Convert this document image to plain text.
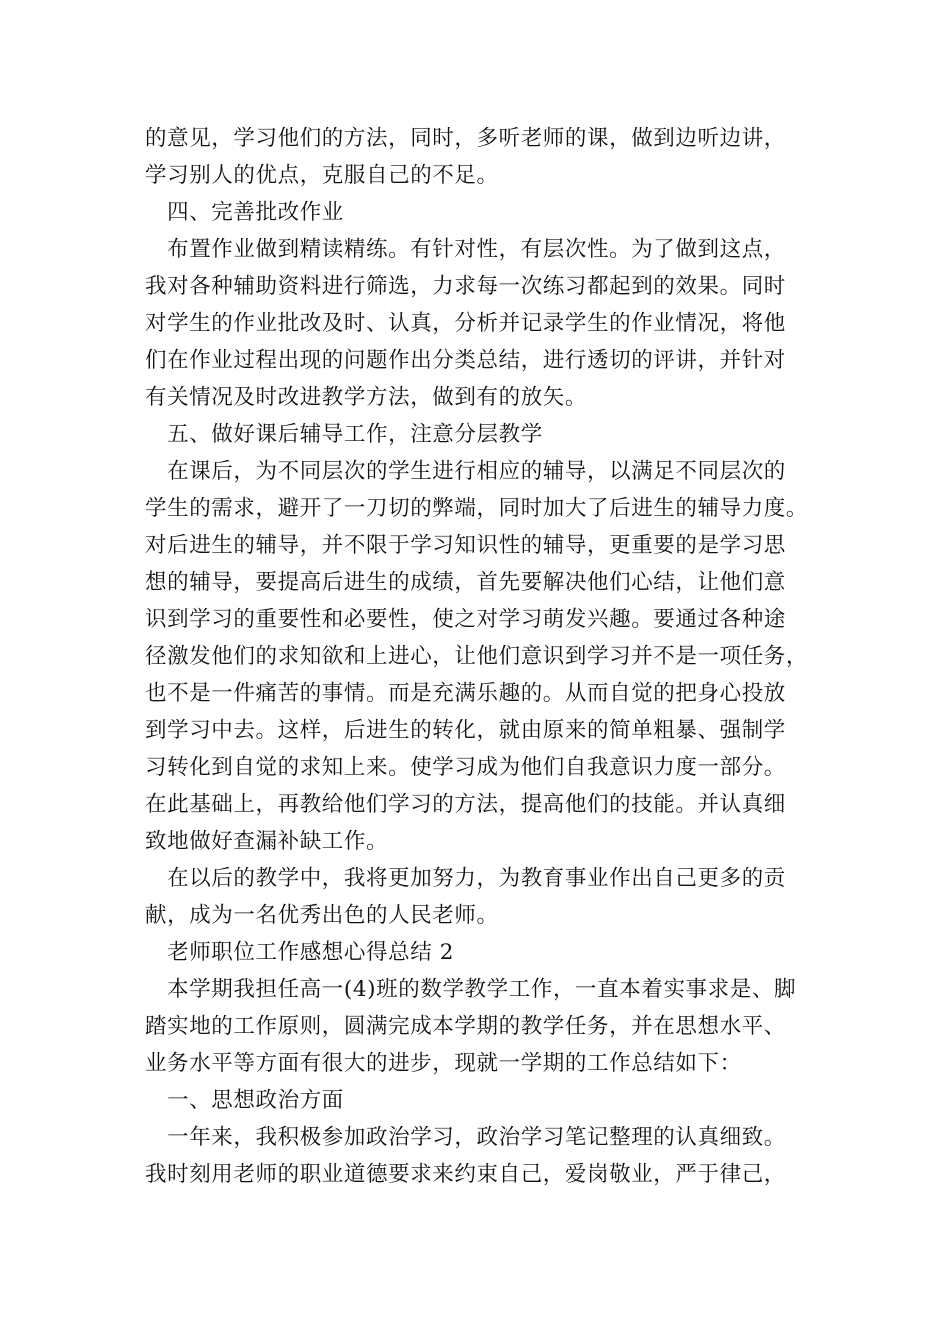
的意见，学习他们的方法，同时，多听老师的课，做到边听边讲，
学习别人的优点，克服自己的不足。
　四、完善批改作业
　布置作业做到精读精练。有针对性，有层次性。为了做到这点，
我对各种辅助资料进行筛选，力求每一次练习都起到的效果。同时
对学生的作业批改及时、认真，分析并记录学生的作业情况，将他
们在作业过程出现的问题作出分类总结，进行透切的评讲，并针对
有关情况及时改进教学方法，做到有的放矢。
　五、做好课后辅导工作，注意分层教学
　在课后，为不同层次的学生进行相应的辅导，以满足不同层次的
学生的需求，避开了一刀切的弊端，同时加大了后进生的辅导力度。
对后进生的辅导，并不限于学习知识性的辅导，更重要的是学习思
想的辅导，要提高后进生的成绩，首先要解决他们心结，让他们意
识到学习的重要性和必要性，使之对学习萌发兴趣。要通过各种途
径激发他们的求知欲和上进心，让他们意识到学习并不是一项任务，
也不是一件痛苦的事情。而是充满乐趣的。从而自觉的把身心投放
到学习中去。这样，后进生的转化，就由原来的简单粗暴、强制学
习转化到自觉的求知上来。使学习成为他们自我意识力度一部分。
在此基础上，再教给他们学习的方法，提高他们的技能。并认真细
致地做好查漏补缺工作。
　在以后的教学中，我将更加努力，为教育事业作出自己更多的贡
献，成为一名优秀出色的人民老师。
　老师职位工作感想心得总结 2
　本学期我担任高一(4)班的数学教学工作，一直本着实事求是、脚
踏实地的工作原则，圆满完成本学期的教学任务，并在思想水平、
业务水平等方面有很大的进步，现就一学期的工作总结如下：
　一、思想政治方面
　一年来，我积极参加政治学习，政治学习笔记整理的认真细致。
我时刻用老师的职业道德要求来约束自己，爱岗敬业，严于律己，
